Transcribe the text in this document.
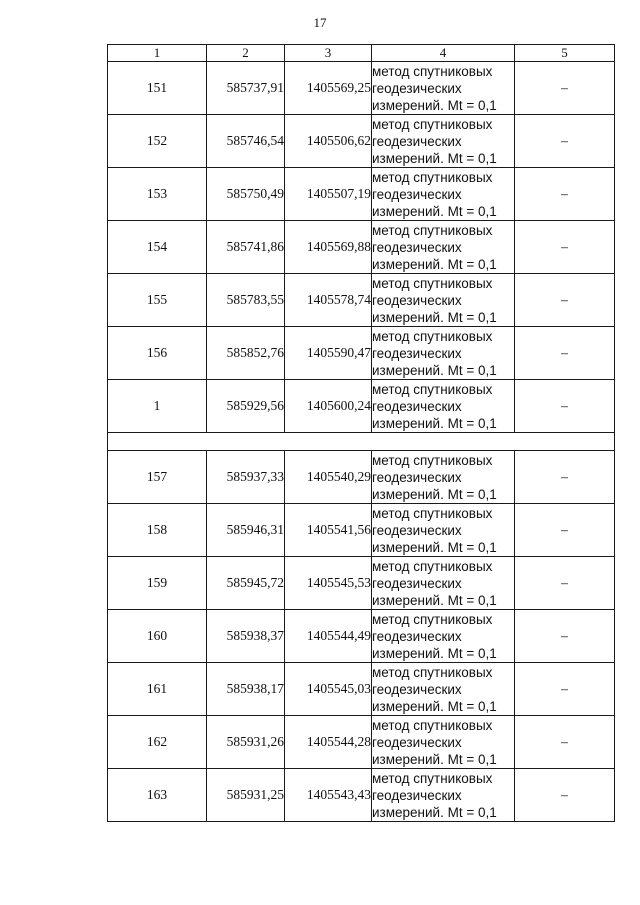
17
1	2	3	4	5
151	585737,91	1405569,25	метод спутниковых
геодезических
измерений. Mt = 0,1	–
152	585746,54	1405506,62	метод спутниковых
геодезических
измерений. Mt = 0,1	–
153	585750,49	1405507,19	метод спутниковых
геодезических
измерений. Mt = 0,1	–
154	585741,86	1405569,88	метод спутниковых
геодезических
измерений. Mt = 0,1	–
155	585783,55	1405578,74	метод спутниковых
геодезических
измерений. Mt = 0,1	–
156	585852,76	1405590,47	метод спутниковых
геодезических
измерений. Mt = 0,1	–
1	585929,56	1405600,24	метод спутниковых
геодезических
измерений. Mt = 0,1	–

157	585937,33	1405540,29	метод спутниковых
геодезических
измерений. Mt = 0,1	–
158	585946,31	1405541,56	метод спутниковых
геодезических
измерений. Mt = 0,1	–
159	585945,72	1405545,53	метод спутниковых
геодезических
измерений. Mt = 0,1	–
160	585938,37	1405544,49	метод спутниковых
геодезических
измерений. Mt = 0,1	–
161	585938,17	1405545,03	метод спутниковых
геодезических
измерений. Mt = 0,1	–
162	585931,26	1405544,28	метод спутниковых
геодезических
измерений. Mt = 0,1	–
163	585931,25	1405543,43	метод спутниковых
геодезических
измерений. Mt = 0,1	–
